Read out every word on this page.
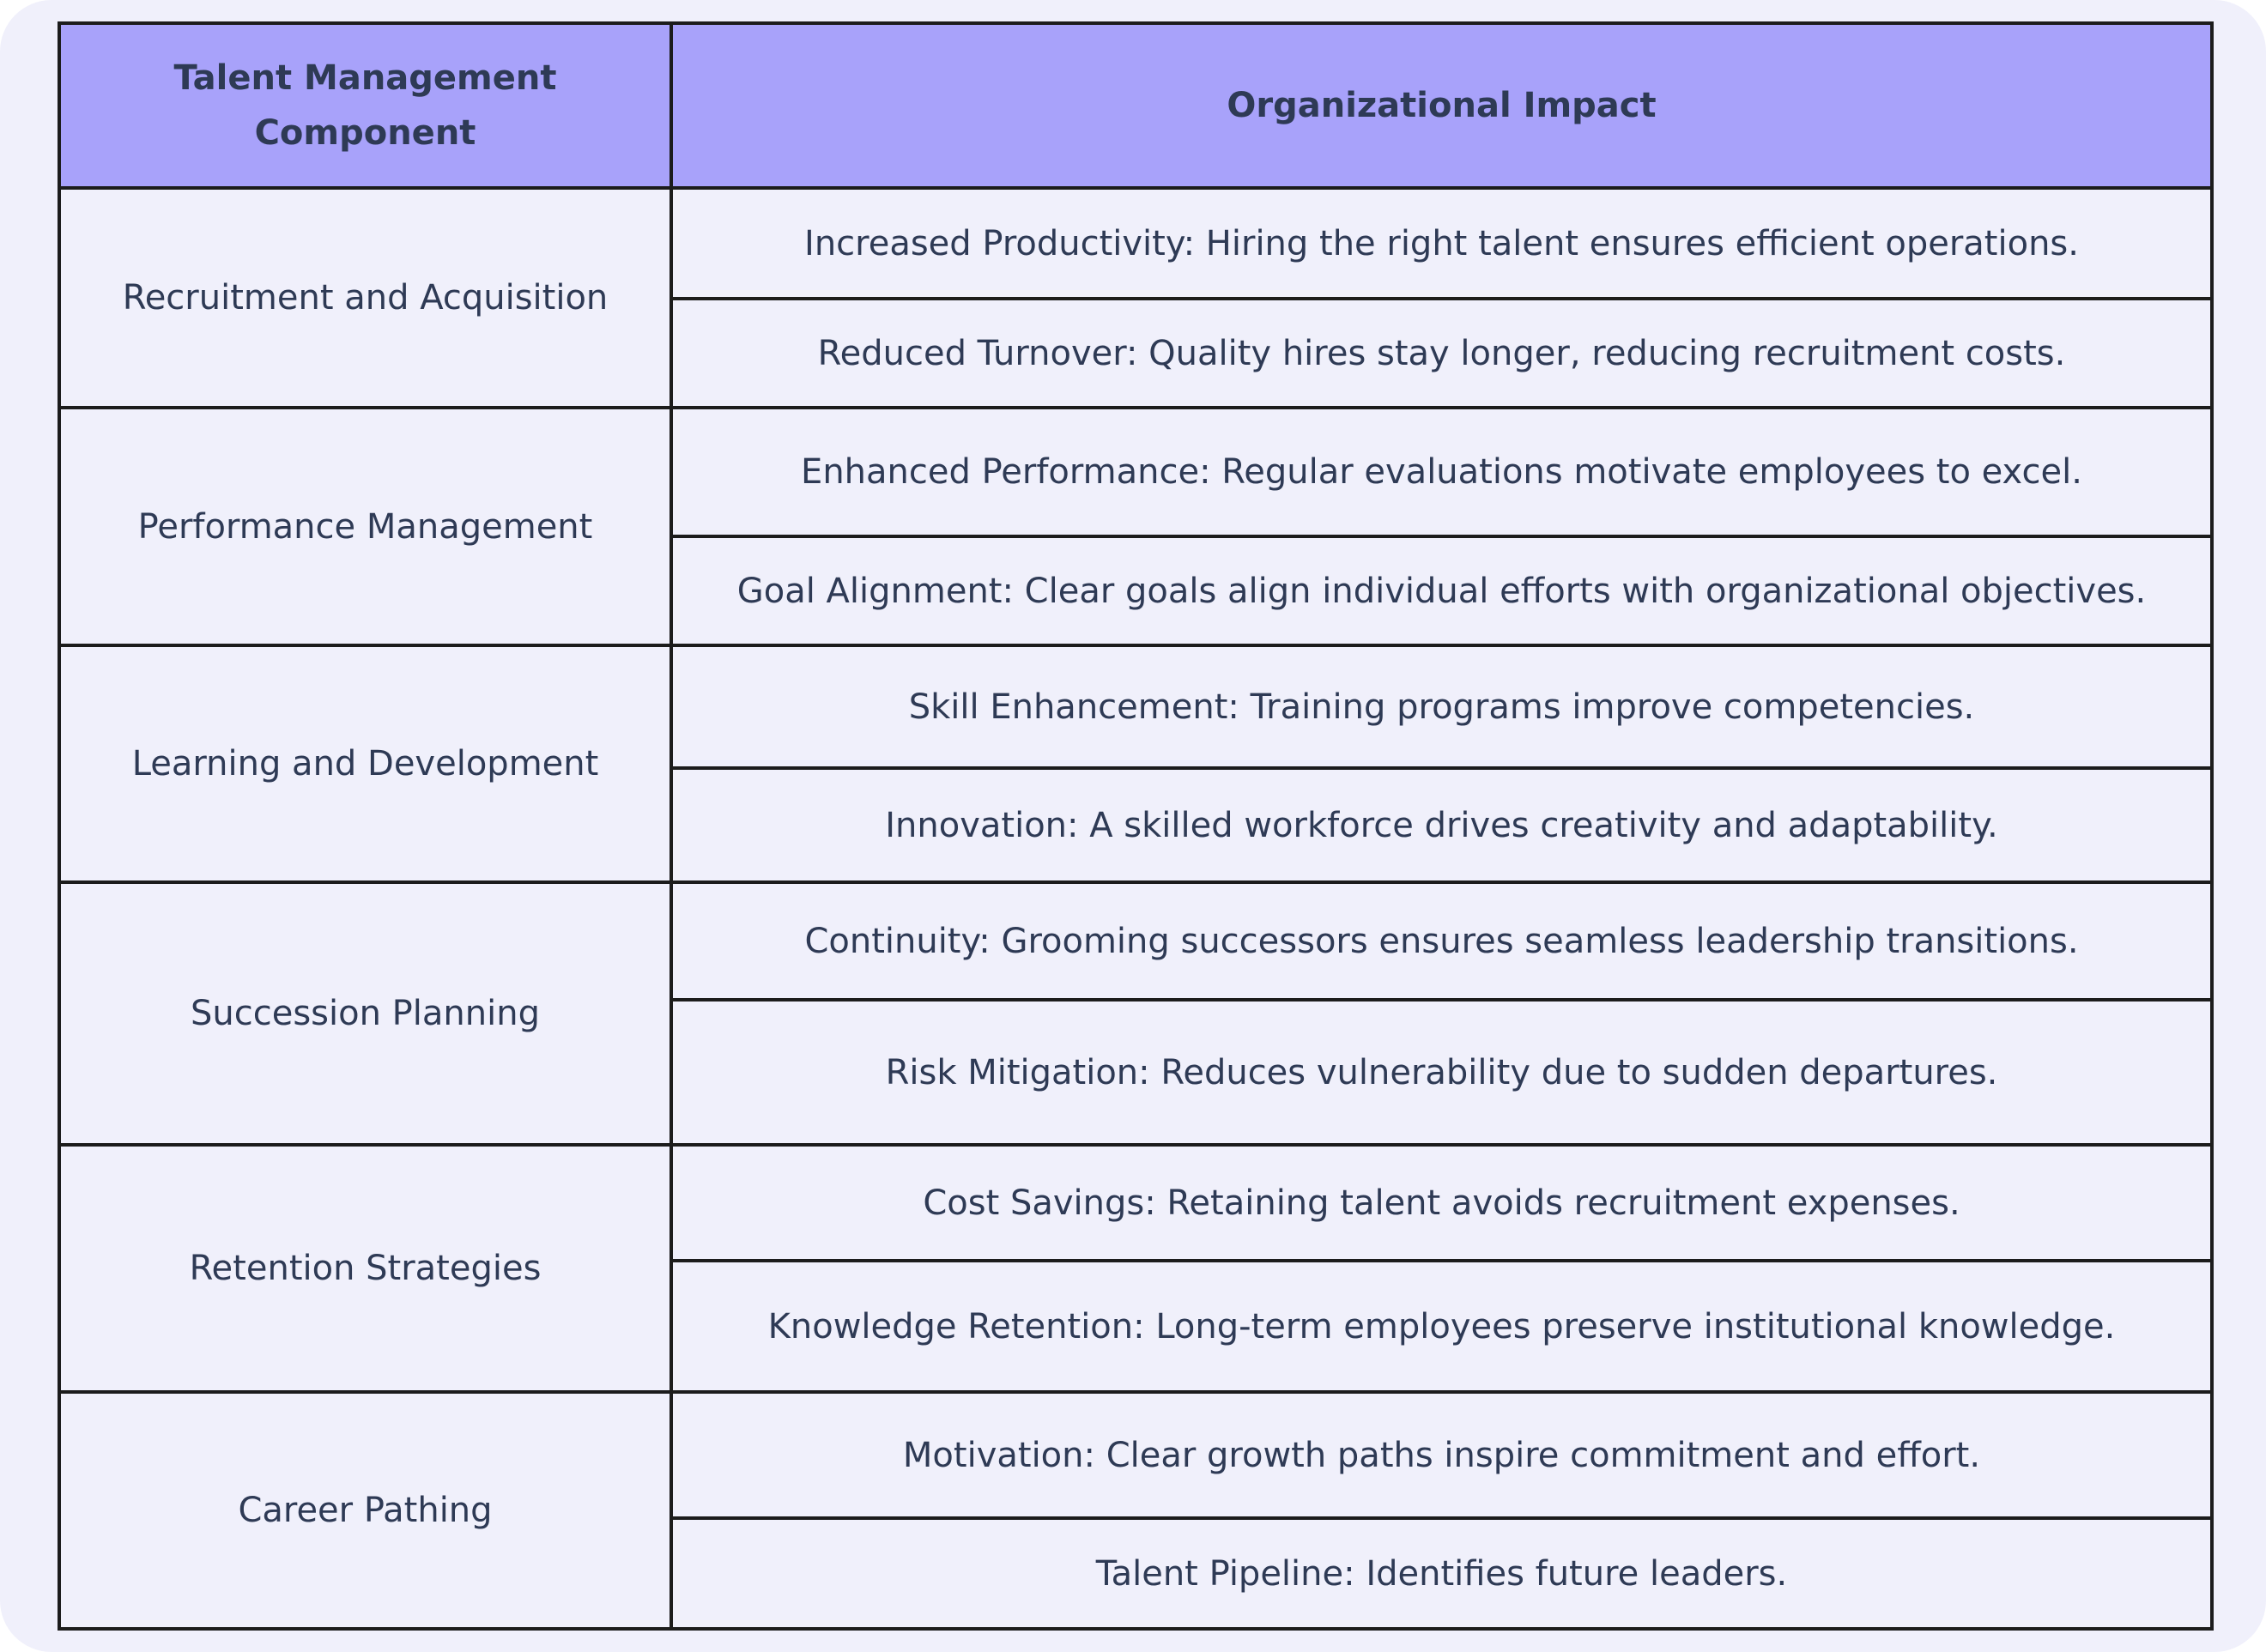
Talent Management Component	Organizational Impact
Recruitment and Acquisition	Increased Productivity: Hiring the right talent ensures efficient operations.
	Reduced Turnover: Quality hires stay longer, reducing recruitment costs.
Performance Management	Enhanced Performance: Regular evaluations motivate employees to excel.
	Goal Alignment: Clear goals align individual efforts with organizational objectives.
Learning and Development	Skill Enhancement: Training programs improve competencies.
	Innovation: A skilled workforce drives creativity and adaptability.
Succession Planning	Continuity: Grooming successors ensures seamless leadership transitions.
	Risk Mitigation: Reduces vulnerability due to sudden departures.
Retention Strategies	Cost Savings: Retaining talent avoids recruitment expenses.
	Knowledge Retention: Long-term employees preserve institutional knowledge.
Career Pathing	Motivation: Clear growth paths inspire commitment and effort.
	Talent Pipeline: Identifies future leaders.
